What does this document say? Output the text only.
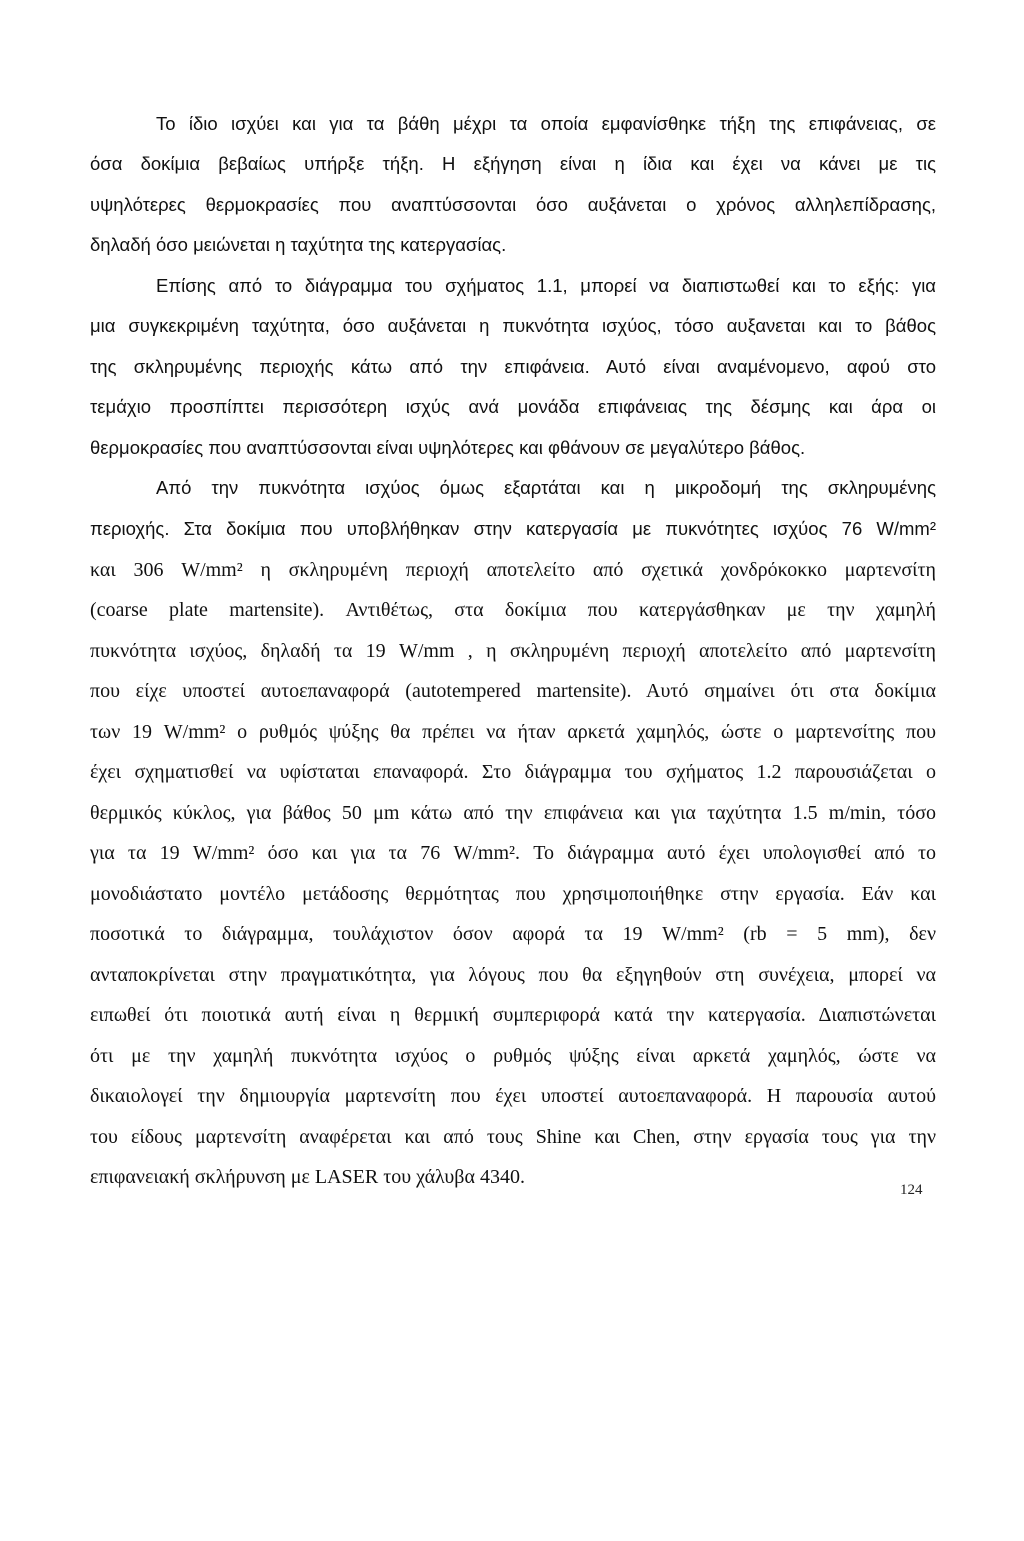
Το ίδιο ισχύει και για τα βάθη μέχρι τα οποία εμφανίσθηκε τήξη της επιφάνειας, σε
όσα δοκίμια βεβαίως υπήρξε τήξη. Η εξήγηση είναι η ίδια και έχει να κάνει με τις
υψηλότερες θερμοκρασίες που αναπτύσσονται όσο αυξάνεται ο χρόνος αλληλεπίδρασης,
δηλαδή όσο μειώνεται η ταχύτητα της κατεργασίας.
Επίσης από το διάγραμμα του σχήματος 1.1, μπορεί να διαπιστωθεί και το εξής: για
μια συγκεκριμένη ταχύτητα, όσο αυξάνεται η πυκνότητα ισχύος, τόσο αυξανεται και το βάθος
της σκληρυμένης περιοχής κάτω από την επιφάνεια. Αυτό είναι αναμένομενο, αφού στο
τεμάχιο προσπίπτει περισσότερη ισχύς ανά μονάδα επιφάνειας της δέσμης και άρα οι
θερμοκρασίες που αναπτύσσονται είναι υψηλότερες και φθάνουν σε μεγαλύτερο βάθος.
Από την πυκνότητα ισχύος όμως εξαρτάται και η μικροδομή της σκληρυμένης
περιοχής. Στα δοκίμια που υποβλήθηκαν στην κατεργασία με πυκνότητες ισχύος 76 W/mm²
και 306 W/mm² η σκληρυμένη περιοχή αποτελείτο από σχετικά χονδρόκοκκο μαρτενσίτη
(coarse plate martensite). Αντιθέτως, στα δοκίμια που κατεργάσθηκαν με την χαμηλή
πυκνότητα ισχύος, δηλαδή τα 19 W/mm , η σκληρυμένη περιοχή αποτελείτο από μαρτενσίτη
που είχε υποστεί αυτοεπαναφορά (autotempered martensite). Αυτό σημαίνει ότι στα δοκίμια
των 19 W/mm² ο ρυθμός ψύξης θα πρέπει να ήταν αρκετά χαμηλός, ώστε ο μαρτενσίτης που
έχει σχηματισθεί να υφίσταται επαναφορά. Στο διάγραμμα του σχήματος 1.2 παρουσιάζεται ο
θερμικός κύκλος, για βάθος 50 μm κάτω από την επιφάνεια και για ταχύτητα 1.5 m/min, τόσο
για τα 19 W/mm² όσο και για τα 76 W/mm². Το διάγραμμα αυτό έχει υπολογισθεί από το
μονοδιάστατο μοντέλο μετάδοσης θερμότητας που χρησιμοποιήθηκε στην εργασία. Εάν και
ποσοτικά το διάγραμμα, τουλάχιστον όσον αφορά τα 19 W/mm² (rb = 5 mm), δεν
ανταποκρίνεται στην πραγματικότητα, για λόγους που θα εξηγηθούν στη συνέχεια, μπορεί να
ειπωθεί ότι ποιοτικά αυτή είναι η θερμική συμπεριφορά κατά την κατεργασία. Διαπιστώνεται
ότι με την χαμηλή πυκνότητα ισχύος ο ρυθμός ψύξης είναι αρκετά χαμηλός, ώστε να
δικαιολογεί την δημιουργία μαρτενσίτη που έχει υποστεί αυτοεπαναφορά. Η παρουσία αυτού
του είδους μαρτενσίτη αναφέρεται και από τους Shine και Chen, στην εργασία τους για την
επιφανειακή σκλήρυνση με LASER του χάλυβα 4340.
124
